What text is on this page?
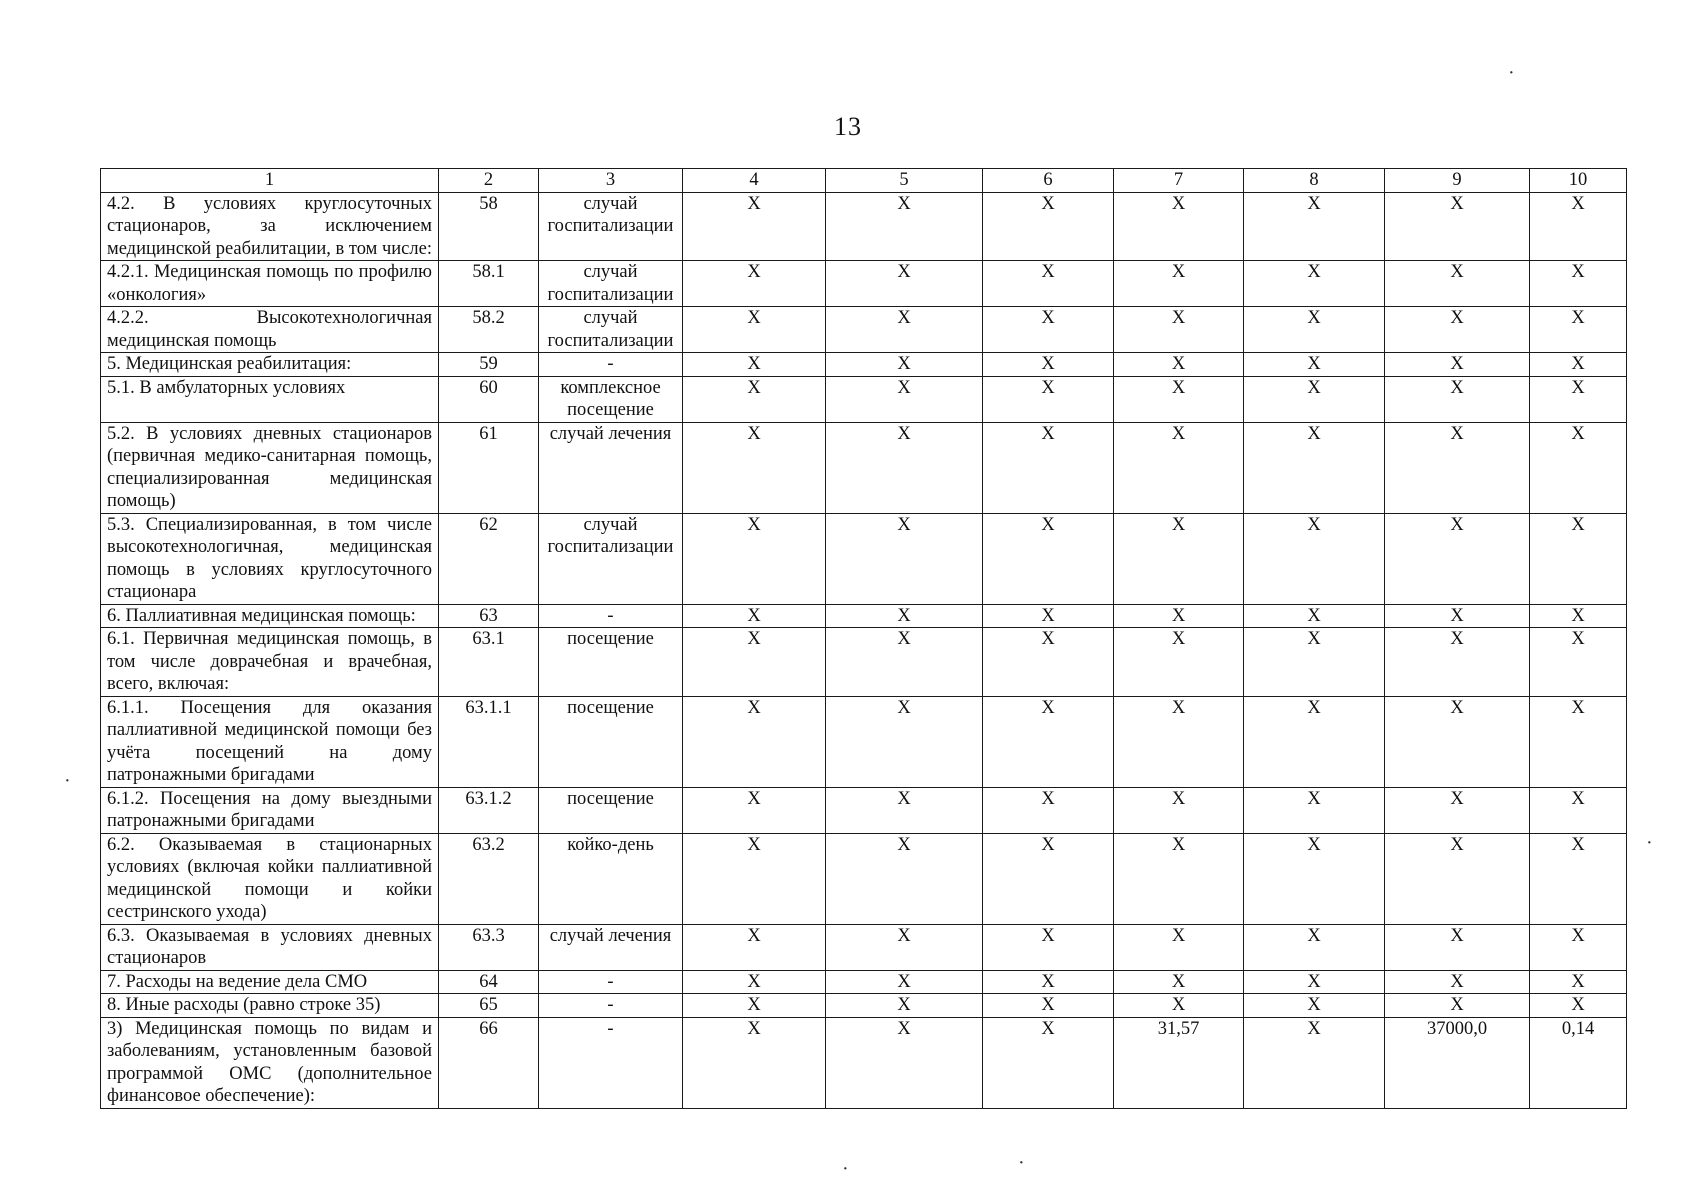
13
1	2	3	4	5	6	7	8	9	10
4.2. В условиях круглосуточных стационаров, за исключением медицинской реабилитации, в том числе:	58	случай госпитализации	X	X	X	X	X	X	X
4.2.1. Медицинская помощь по профилю «онкология»	58.1	случай госпитализации	X	X	X	X	X	X	X
4.2.2. Высокотехнологичная медицинская помощь	58.2	случай госпитализации	X	X	X	X	X	X	X
5. Медицинская реабилитация:	59	-	X	X	X	X	X	X	X
5.1. В амбулаторных условиях	60	комплексное посещение	X	X	X	X	X	X	X
5.2. В условиях дневных стационаров (первичная медико-санитарная помощь, специализированная медицинская помощь)	61	случай лечения	X	X	X	X	X	X	X
5.3. Специализированная, в том числе высокотехнологичная, медицинская помощь в условиях круглосуточного стационара	62	случай госпитализации	X	X	X	X	X	X	X
6. Паллиативная медицинская помощь:	63	-	X	X	X	X	X	X	X
6.1. Первичная медицинская помощь, в том числе доврачебная и врачебная, всего, включая:	63.1	посещение	X	X	X	X	X	X	X
6.1.1. Посещения для оказания паллиативной медицинской помощи без учёта посещений на дому патронажными бригадами	63.1.1	посещение	X	X	X	X	X	X	X
6.1.2. Посещения на дому выездными патронажными бригадами	63.1.2	посещение	X	X	X	X	X	X	X
6.2. Оказываемая в стационарных условиях (включая койки паллиативной медицинской помощи и койки сестринского ухода)	63.2	койко-день	X	X	X	X	X	X	X
6.3. Оказываемая в условиях дневных стационаров	63.3	случай лечения	X	X	X	X	X	X	X
7. Расходы на ведение дела СМО	64	-	X	X	X	X	X	X	X
8. Иные расходы (равно строке 35)	65	-	X	X	X	X	X	X	X
3) Медицинская помощь по видам и заболеваниям, установленным базовой программой ОМС (дополнительное финансовое обеспечение):	66	-	X	X	X	31,57	X	37000,0	0,14
·
·
·
·	·
